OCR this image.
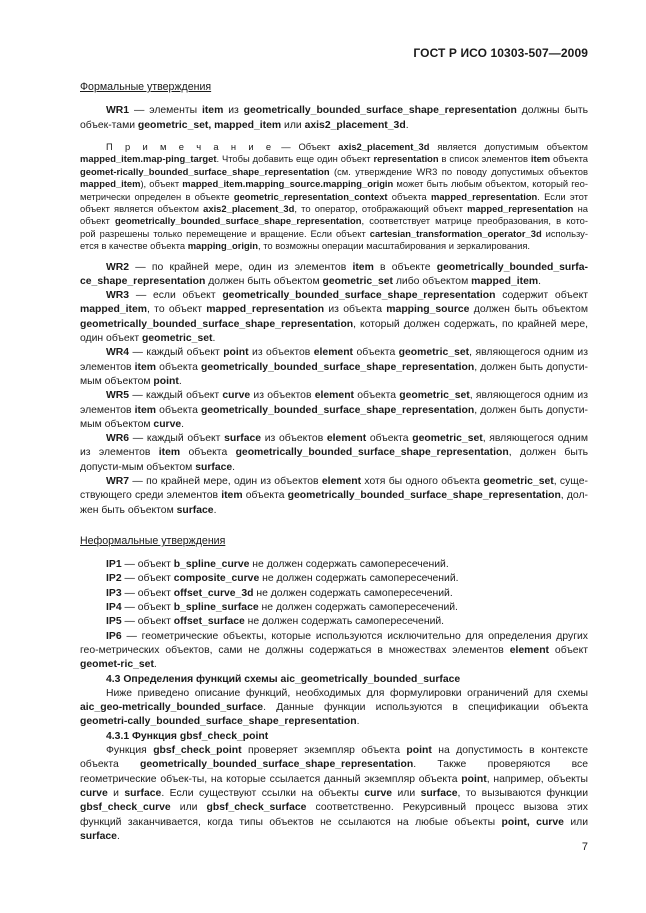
ГОСТ Р ИСО 10303-507—2009
Формальные утверждения

WR1 — элементы item из geometrically_bounded_surface_shape_representation должны быть объек-тами geometric_set, mapped_item или axis2_placement_3d.

П р и м е ч а н и е — Объект axis2_placement_3d является допустимым объектом mapped_item.map-ping_target. Чтобы добавить еще один объект representation в список элементов item объекта geomet-rically_bounded_surface_shape_representation (см. утверждение WR3 по поводу допустимых объектов mapped_item), объект mapped_item.mapping_source.mapping_origin может быть любым объектом, который гео-метрически определен в объекте geometric_representation_context объекта mapped_representation. Если этот объект является объектом axis2_placement_3d, то оператор, отображающий объект mapped_representation на объект geometrically_bounded_surface_shape_representation, соответствует матрице преобразования, в кото-рой разрешены только перемещение и вращение. Если объект cartesian_transformation_operator_3d использу-ется в качестве объекта mapping_origin, то возможны операции масштабирования и зеркалирования.

WR2 — по крайней мере, один из элементов item в объекте geometrically_bounded_surfa-ce_shape_representation должен быть объектом geometric_set либо объектом mapped_item.

WR3 — если объект geometrically_bounded_surface_shape_representation содержит объект mapped_item, то объект mapped_representation из объекта mapping_source должен быть объектом geometrically_bounded_surface_shape_representation, который должен содержать, по крайней мере, один объект geometric_set.

WR4 — каждый объект point из объектов element объекта geometric_set, являющегося одним из элементов item объекта geometrically_bounded_surface_shape_representation, должен быть допусти-мым объектом point.

WR5 — каждый объект curve из объектов element объекта geometric_set, являющегося одним из элементов item объекта geometrically_bounded_surface_shape_representation, должен быть допусти-мым объектом curve.

WR6 — каждый объект surface из объектов element объекта geometric_set, являющегося одним из элементов item объекта geometrically_bounded_surface_shape_representation, должен быть допусти-мым объектом surface.

WR7 — по крайней мере, один из объектов element хотя бы одного объекта geometric_set, суще-ствующего среди элементов item объекта geometrically_bounded_surface_shape_representation, дол-жен быть объектом surface.

Неформальные утверждения

IP1 — объект b_spline_curve не должен содержать самопересечений.

IP2 — объект composite_curve не должен содержать самопересечений.

IP3 — объект offset_curve_3d не должен содержать самопересечений.

IP4 — объект b_spline_surface не должен содержать самопересечений.

IP5 — объект offset_surface не должен содержать самопересечений.

IP6 — геометрические объекты, которые используются исключительно для определения других гео-метрических объектов, сами не должны содержаться в множествах элементов element объект geomet-ric_set.

4.3 Определения функций схемы aic_geometrically_bounded_surface

Ниже приведено описание функций, необходимых для формулировки ограничений для схемы aic_geo-metrically_bounded_surface. Данные функции используются в спецификации объекта geometri-cally_bounded_surface_shape_representation.

4.3.1 Функция gbsf_check_point

Функция gbsf_check_point проверяет экземпляр объекта point на допустимость в контексте объекта geometrically_bounded_surface_shape_representation. Также проверяются все геометрические объек-ты, на которые ссылается данный экземпляр объекта point, например, объекты curve и surface. Если существуют ссылки на объекты curve или surface, то вызываются функции gbsf_check_curve или gbsf_check_surface соответственно. Рекурсивный процесс вызова этих функций заканчивается, когда типы объектов не ссылаются на любые объекты point, curve или surface.

7
